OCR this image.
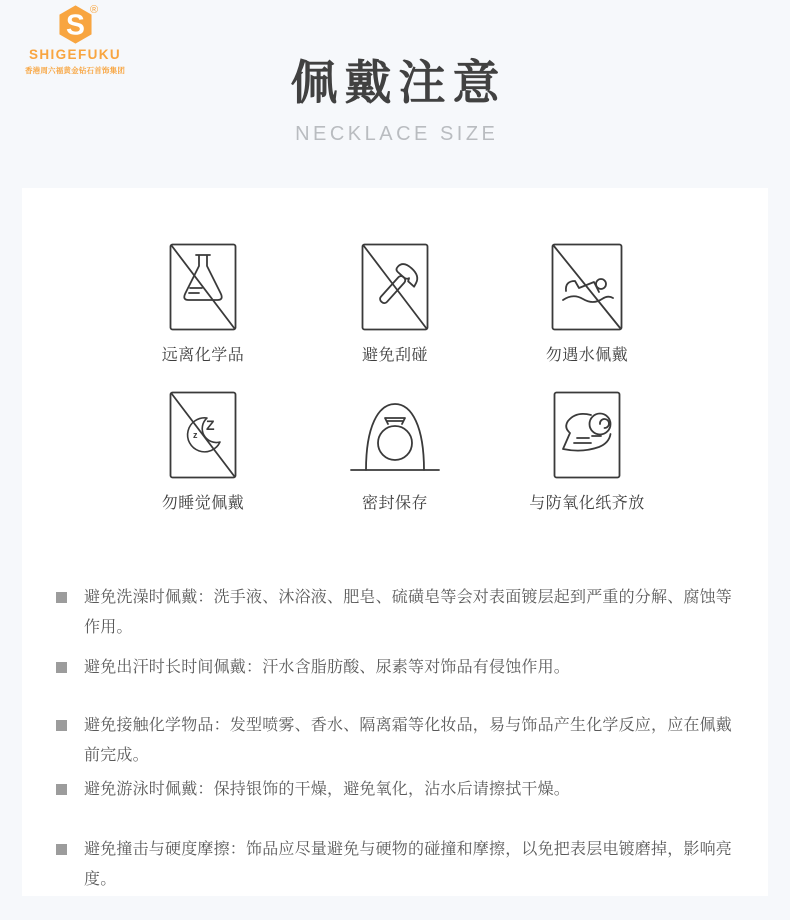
S ®
SHIGEFUKU
香港周六福黄金钻石首饰集团	佩戴注意
NECKLACE SIZE
远离化学品	避免刮碰	勿遇水佩戴
Z
z
勿睡觉佩戴	密封保存	与防氧化纸齐放
避免洗澡时佩戴：洗手液、沐浴液、肥皂、硫磺皂等会对表面镀层起到严重的分解、腐蚀等作用。
避免出汗时长时间佩戴：汗水含脂肪酸、尿素等对饰品有侵蚀作用。
避免接触化学物品：发型喷雾、香水、隔离霜等化妆品，易与饰品产生化学反应，应在佩戴前完成。
避免游泳时佩戴：保持银饰的干燥，避免氧化，沾水后请擦拭干燥。
避免撞击与硬度摩擦：饰品应尽量避免与硬物的碰撞和摩擦，以免把表层电镀磨掉，影响亮度。
